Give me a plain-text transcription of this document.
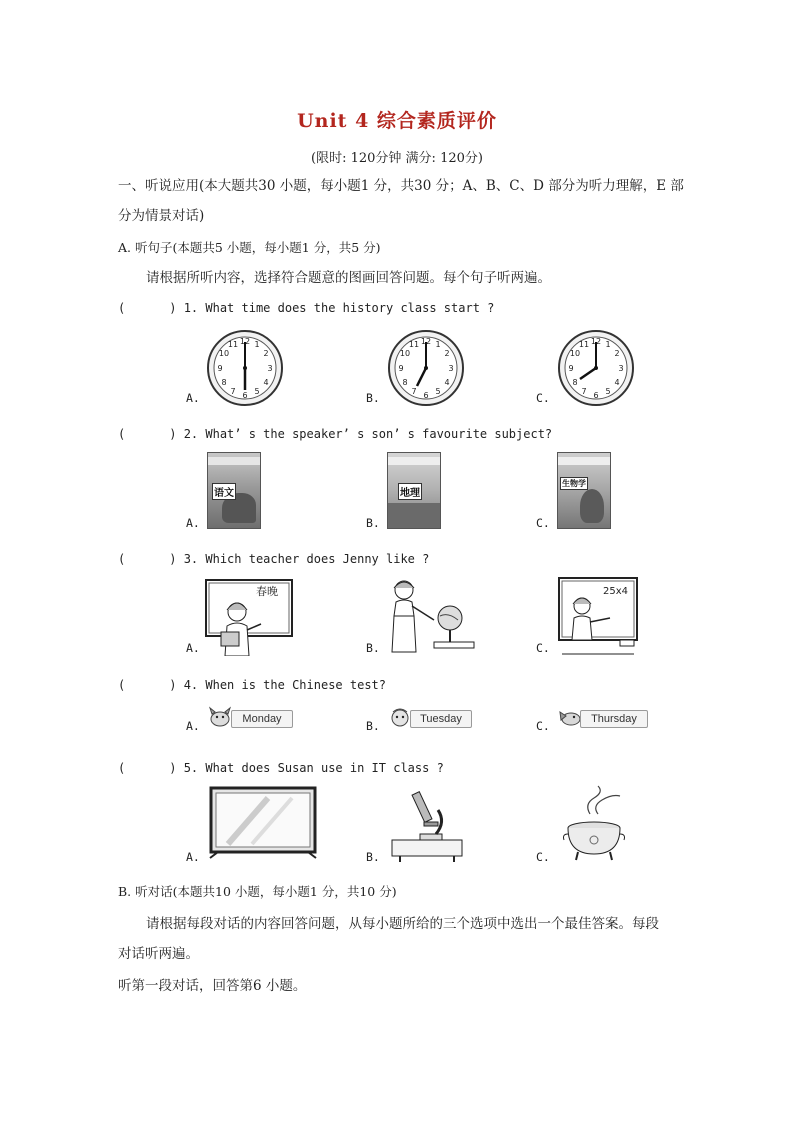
Unit 4 综合素质评价
(限时: 120分钟 满分: 120分)
一、听说应用(本大题共30 小题，每小题1 分，共30 分；A、B、C、D 部分为听力理解，E 部
分为情景对话)
A. 听句子(本题共5 小题，每小题1 分，共5 分)
请根据所听内容，选择符合题意的图画回答问题。每个句子听两遍。
(	) 1. What time does the history class start ?
12 1
2
3
4
5
6
7
8
9
10
11
A.
12 1
2
3
4
5
6
7
8
9
10
11
B.
12 1
2
3
4
5
6
7
8
9
10
11
C.
(	) 2. What’ s the speaker’ s son’ s favourite subject?
语文
A.
地理
B.
生物学
C.
(	) 3. Which teacher does Jenny like ?
春晚
A.	B.
25x4
C.
(	) 4. When is the Chinese test?
Monday
A.	Tuesday
B.	Thursday
C.
(	) 5. What does Susan use in IT class ?
A.	B.	C.
B. 听对话(本题共10 小题，每小题1 分，共10 分)
请根据每段对话的内容回答问题，从每小题所给的三个选项中选出一个最佳答案。每段
对话听两遍。
听第一段对话，回答第6 小题。
